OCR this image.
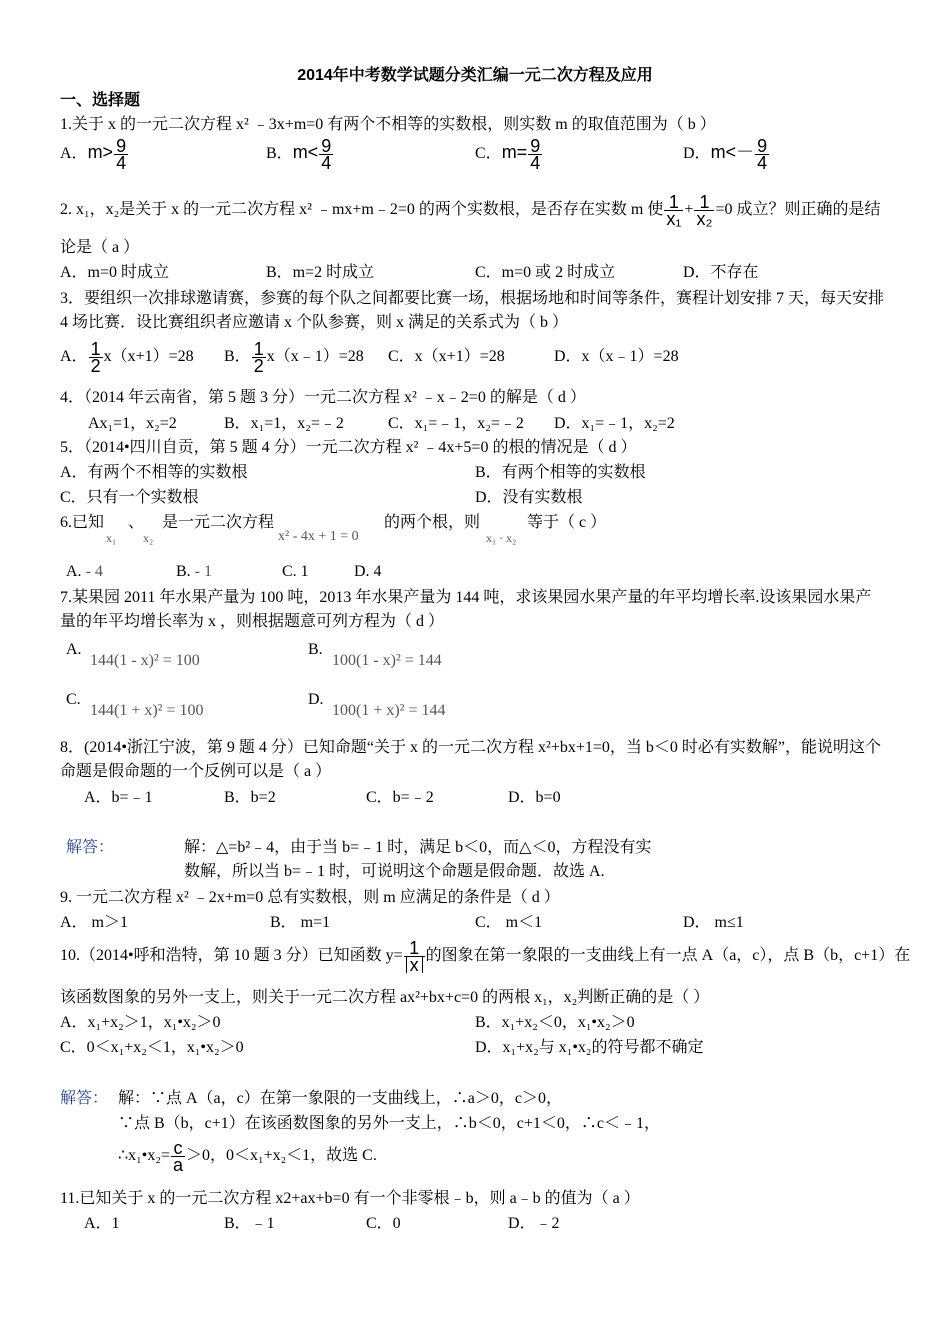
2014年中考数学试题分类汇编一元二次方程及应用
一、选择题
1.关于 x 的一元二次方程 x² ﹣3x+m=0 有两个不相等的实数根，则实数 m 的取值范围为（ b ）
A．$m> \frac{9}{4}$	B．$m< \frac{9}{4}$	C．$m= \frac{9}{4}$	D．$m<- \frac{9}{4}$
2. x₁，x₂是关于 x 的一元二次方程 x² ﹣mx+m﹣2=0 的两个实数根，是否存在实数 m 使 $\frac{1}{\text{x₁}} + \frac{1}{\text{x₂}} =0$ 成立？则正确的是结
论是（ a ）
A．m=0 时成立	B．m=2 时成立	C．m=0 或 2 时成立	D．不存在
3．要组织一次排球邀请赛，参赛的每个队之间都要比赛一场，根据场地和时间等条件，赛程计划安排 7 天，每天安排
4 场比赛．设比赛组织者应邀请 x 个队参赛，则 x 满足的关系式为（ b ）
A． $\frac{1}{2} x(x+1)=28$ B． $\frac{1}{2}$ x（x﹣1）=28 C．x（x+1）=28	D．x（x﹣1）=28
4．（2014 年云南省，第 5 题 3 分）一元二次方程 x² ﹣x﹣2=0 的解是（ d ）
Ax₁=1，x₂=2	B．x₁=1，x₂=﹣2	C．x₁=﹣1，x₂=﹣2 D．x₁=﹣1，x₂=2
5．（2014•四川自贡，第 5 题 4 分）一元二次方程 x² ﹣4x+5=0 的根的情况是（ d ）
A．有两个不相等的实数根	B．有两个相等的实数根
C．只有一个实数根	D．没有实数根
6.已知
x₁
、
x₂
是一元二次方程
x² - 4x + 1 = 0
的两个根，则
x₁ · x₂
等于（ c ）
A. - 4	B. - 1	C. 1	D. 4
7.某果园 2011 年水果产量为 100 吨，2013 年水果产量为 144 吨，求该果园水果产量的年平均增长率.设该果园水果产
量的年平均增长率为 x ，则根据题意可列方程为（ d ）
A.
144(1 - x)² = 100
B.
100(1 - x)² = 144
C.
144(1 + x)² = 100
D.
100(1 + x)² = 144
8．(2014•浙江宁波，第 9 题 4 分）已知命题“关于 x 的一元二次方程 x²+bx+1=0，当 b＜0 时必有实数解”，能说明这个
命题是假命题的一个反例可以是（ a ）
A．b=﹣1	B．b=2	C．b=﹣2	D．b=0
解答：	解：△=b²﹣4，由于当 b=﹣1 时，满足 b＜0，而△＜0，方程没有实
数解，所以当 b=﹣1 时，可说明这个命题是假命题．故选 A.
9. 一元二次方程 x² ﹣2x+m=0 总有实数根，则 m 应满足的条件是（ d ）
A． m＞1	B． m=1	C． m＜1	D． m≤1
10.（2014•呼和浩特，第 10 题 3 分）已知函数 $y= \frac{1}{x}$ 的图象在第一象限的一支曲线上有一点 A（a，c），点 B（b，c+1）在
该函数图象的另外一支上，则关于一元二次方程 ax²+bx+c=0 的两根 x₁，x₂判断正确的是（ ）
A．x₁+x₂＞1，x₁•x₂＞0	B．x₁+x₂＜0，x₁•x₂＞0
C．0＜x₁+x₂＜1，x₁•x₂＞0	D．x₁+x₂与 x₁•x₂的符号都不确定
解答： 解：∵点 A（a，c）在第一象限的一支曲线上，∴a＞0，c＞0，
∵点 B（b，c+1）在该函数图象的另外一支上，∴b＜0，c+1＜0，∴c＜﹣1，
∴x₁•x₂= $\frac{c}{a} >0$，0＜x₁+x₂＜1，故选 C.
11.已知关于 x 的一元二次方程 x2+ax+b=0 有一个非零根﹣b，则 a﹣b 的值为（ a ）
A．1	B．﹣1	C．0	D．﹣2
